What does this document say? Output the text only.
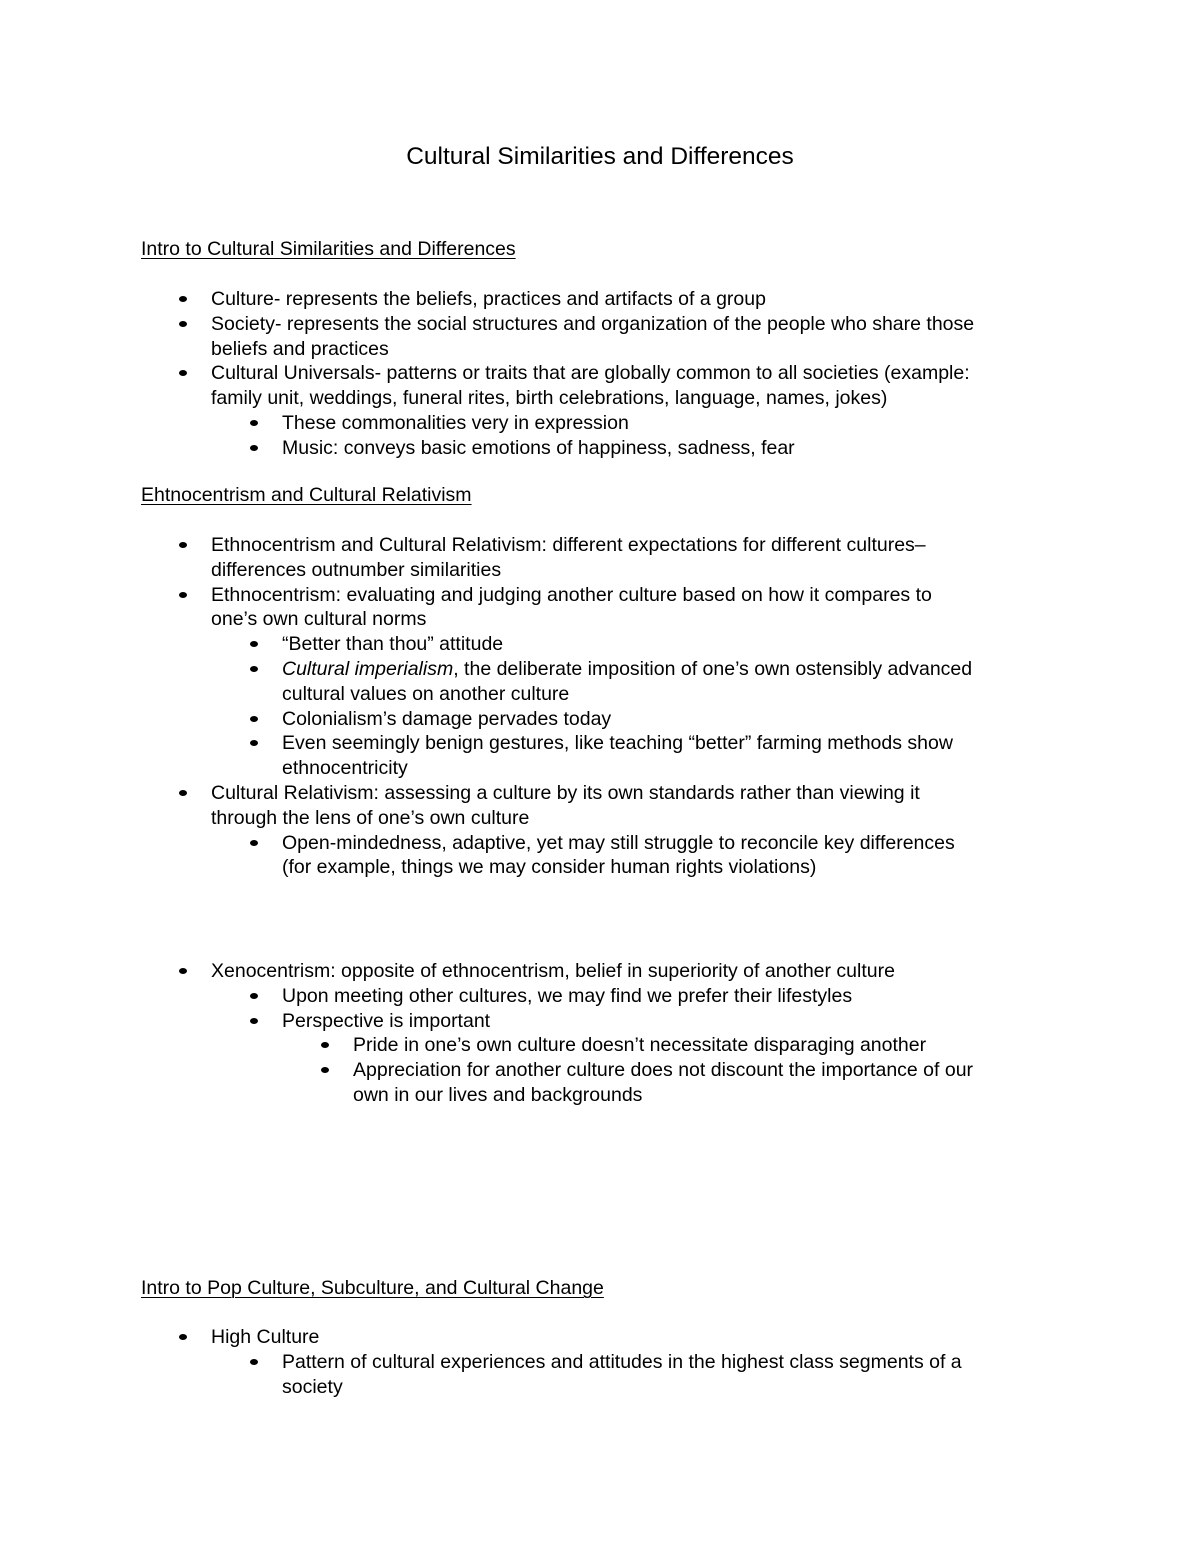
Cultural Similarities and Differences
Intro to Cultural Similarities and Differences
Culture- represents the beliefs, practices and artifacts of a group
Society- represents the social structures and organization of the people who share those
beliefs and practices
Cultural Universals- patterns or traits that are globally common to all societies (example:
family unit, weddings, funeral rites, birth celebrations, language, names, jokes)
These commonalities very in expression
Music: conveys basic emotions of happiness, sadness, fear
Ehtnocentrism and Cultural Relativism
Ethnocentrism and Cultural Relativism: different expectations for different cultures–
differences outnumber similarities
Ethnocentrism: evaluating and judging another culture based on how it compares to
one’s own cultural norms
“Better than thou” attitude
Cultural imperialism, the deliberate imposition of one’s own ostensibly advanced
cultural values on another culture
Colonialism’s damage pervades today
Even seemingly benign gestures, like teaching “better” farming methods show
ethnocentricity
Cultural Relativism: assessing a culture by its own standards rather than viewing it
through the lens of one’s own culture
Open-mindedness, adaptive, yet may still struggle to reconcile key differences
(for example, things we may consider human rights violations)
Xenocentrism: opposite of ethnocentrism, belief in superiority of another culture
Upon meeting other cultures, we may find we prefer their lifestyles
Perspective is important
Pride in one’s own culture doesn’t necessitate disparaging another
Appreciation for another culture does not discount the importance of our
own in our lives and backgrounds
Intro to Pop Culture, Subculture, and Cultural Change
High Culture
Pattern of cultural experiences and attitudes in the highest class segments of a
society
